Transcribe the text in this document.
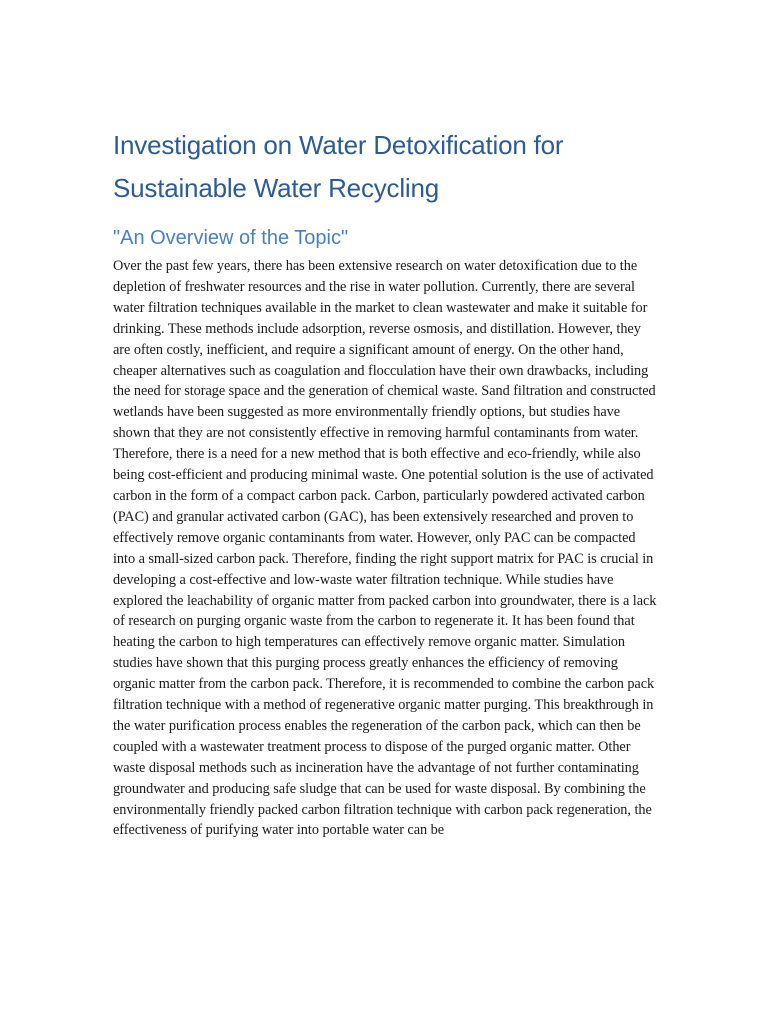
Investigation on Water Detoxification for Sustainable Water Recycling
"An Overview of the Topic"

Over the past few years, there has been extensive research on water detoxification due to the depletion of freshwater resources and the rise in water pollution. Currently, there are several water filtration techniques available in the market to clean wastewater and make it suitable for drinking. These methods include adsorption, reverse osmosis, and distillation. However, they are often costly, inefficient, and require a significant amount of energy. On the other hand, cheaper alternatives such as coagulation and flocculation have their own drawbacks, including the need for storage space and the generation of chemical waste. Sand filtration and constructed wetlands have been suggested as more environmentally friendly options, but studies have shown that they are not consistently effective in removing harmful contaminants from water. Therefore, there is a need for a new method that is both effective and eco-friendly, while also being cost-efficient and producing minimal waste. One potential solution is the use of activated carbon in the form of a compact carbon pack. Carbon, particularly powdered activated carbon (PAC) and granular activated carbon (GAC), has been extensively researched and proven to effectively remove organic contaminants from water. However, only PAC can be compacted into a small-sized carbon pack. Therefore, finding the right support matrix for PAC is crucial in developing a cost-effective and low-waste water filtration technique. While studies have explored the leachability of organic matter from packed carbon into groundwater, there is a lack of research on purging organic waste from the carbon to regenerate it. It has been found that heating the carbon to high temperatures can effectively remove organic matter. Simulation studies have shown that this purging process greatly enhances the efficiency of removing organic matter from the carbon pack. Therefore, it is recommended to combine the carbon pack filtration technique with a method of regenerative organic matter purging. This breakthrough in the water purification process enables the regeneration of the carbon pack, which can then be coupled with a wastewater treatment process to dispose of the purged organic matter. Other waste disposal methods such as incineration have the advantage of not further contaminating groundwater and producing safe sludge that can be used for waste disposal. By combining the environmentally friendly packed carbon filtration technique with carbon pack regeneration, the effectiveness of purifying water into portable water can be
